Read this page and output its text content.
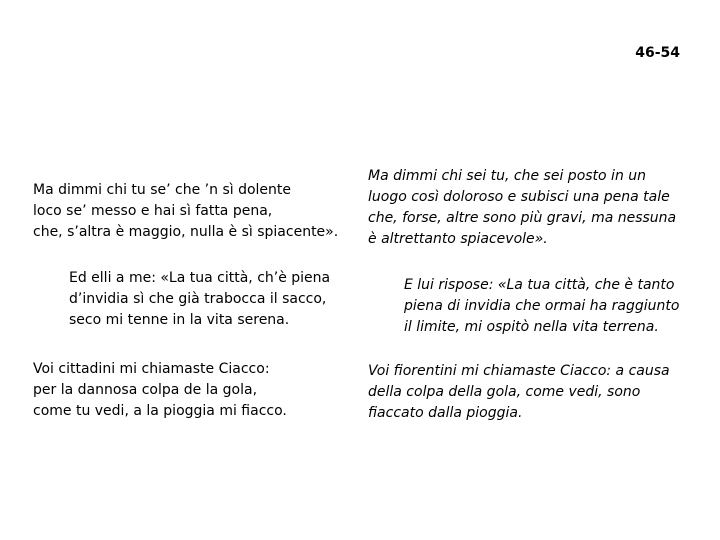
46-54
Ma dimmi chi tu se’ che ’n sì dolente
loco se’ messo e hai sì fatta pena,
che, s’altra è maggio, nulla è sì spiacente».
Ma dimmi chi sei tu, che sei posto in un
luogo così doloroso e subisci una pena tale
che, forse, altre sono più gravi, ma nessuna
è altrettanto spiacevole».
Ed elli a me: «La tua città, ch’è piena
d’invidia sì che già trabocca il sacco,
seco mi tenne in la vita serena.
E lui rispose: «La tua città, che è tanto
piena di invidia che ormai ha raggiunto
il limite, mi ospitò nella vita terrena.
Voi cittadini mi chiamaste Ciacco:
per la dannosa colpa de la gola,
come tu vedi, a la pioggia mi fiacco.
Voi fiorentini mi chiamaste Ciacco: a causa
della colpa della gola, come vedi, sono
fiaccato dalla pioggia.
